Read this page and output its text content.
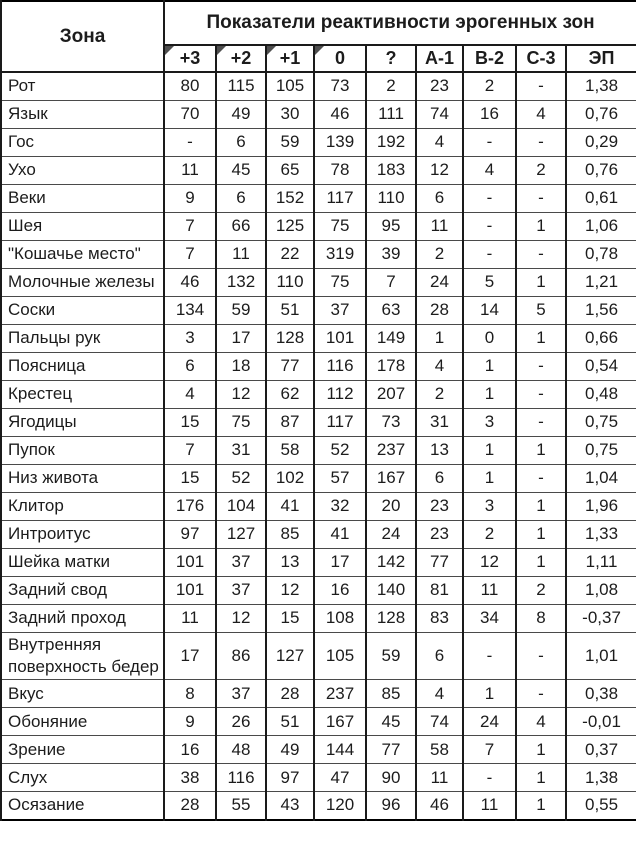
Зона	Показатели реактивности эрогенных зон								
	+3	+2	+1	0	?	А-1	В-2	С-3	ЭП
Рот	80	115	105	73	2	23	2	-	1,38
Язык	70	49	30	46	111	74	16	4	0,76
Гос	-	6	59	139	192	4	-	-	0,29
Ухо	11	45	65	78	183	12	4	2	0,76
Веки	9	6	152	117	110	6	-	-	0,61
Шея	7	66	125	75	95	11	-	1	1,06
"Кошачье место"	7	11	22	319	39	2	-	-	0,78
Молочные железы	46	132	110	75	7	24	5	1	1,21
Соски	134	59	51	37	63	28	14	5	1,56
Пальцы рук	3	17	128	101	149	1	0	1	0,66
Поясница	6	18	77	116	178	4	1	-	0,54
Крестец	4	12	62	112	207	2	1	-	0,48
Ягодицы	15	75	87	117	73	31	3	-	0,75
Пупок	7	31	58	52	237	13	1	1	0,75
Низ живота	15	52	102	57	167	6	1	-	1,04
Клитор	176	104	41	32	20	23	3	1	1,96
Интроитус	97	127	85	41	24	23	2	1	1,33
Шейка матки	101	37	13	17	142	77	12	1	1,11
Задний свод	101	37	12	16	140	81	11	2	1,08
Задний проход	11	12	15	108	128	83	34	8	-0,37
Внутренняя поверхность бедер	17	86	127	105	59	6	-	-	1,01
Вкус	8	37	28	237	85	4	1	-	0,38
Обоняние	9	26	51	167	45	74	24	4	-0,01
Зрение	16	48	49	144	77	58	7	1	0,37
Слух	38	116	97	47	90	11	-	1	1,38
Осязание	28	55	43	120	96	46	11	1	0,55
